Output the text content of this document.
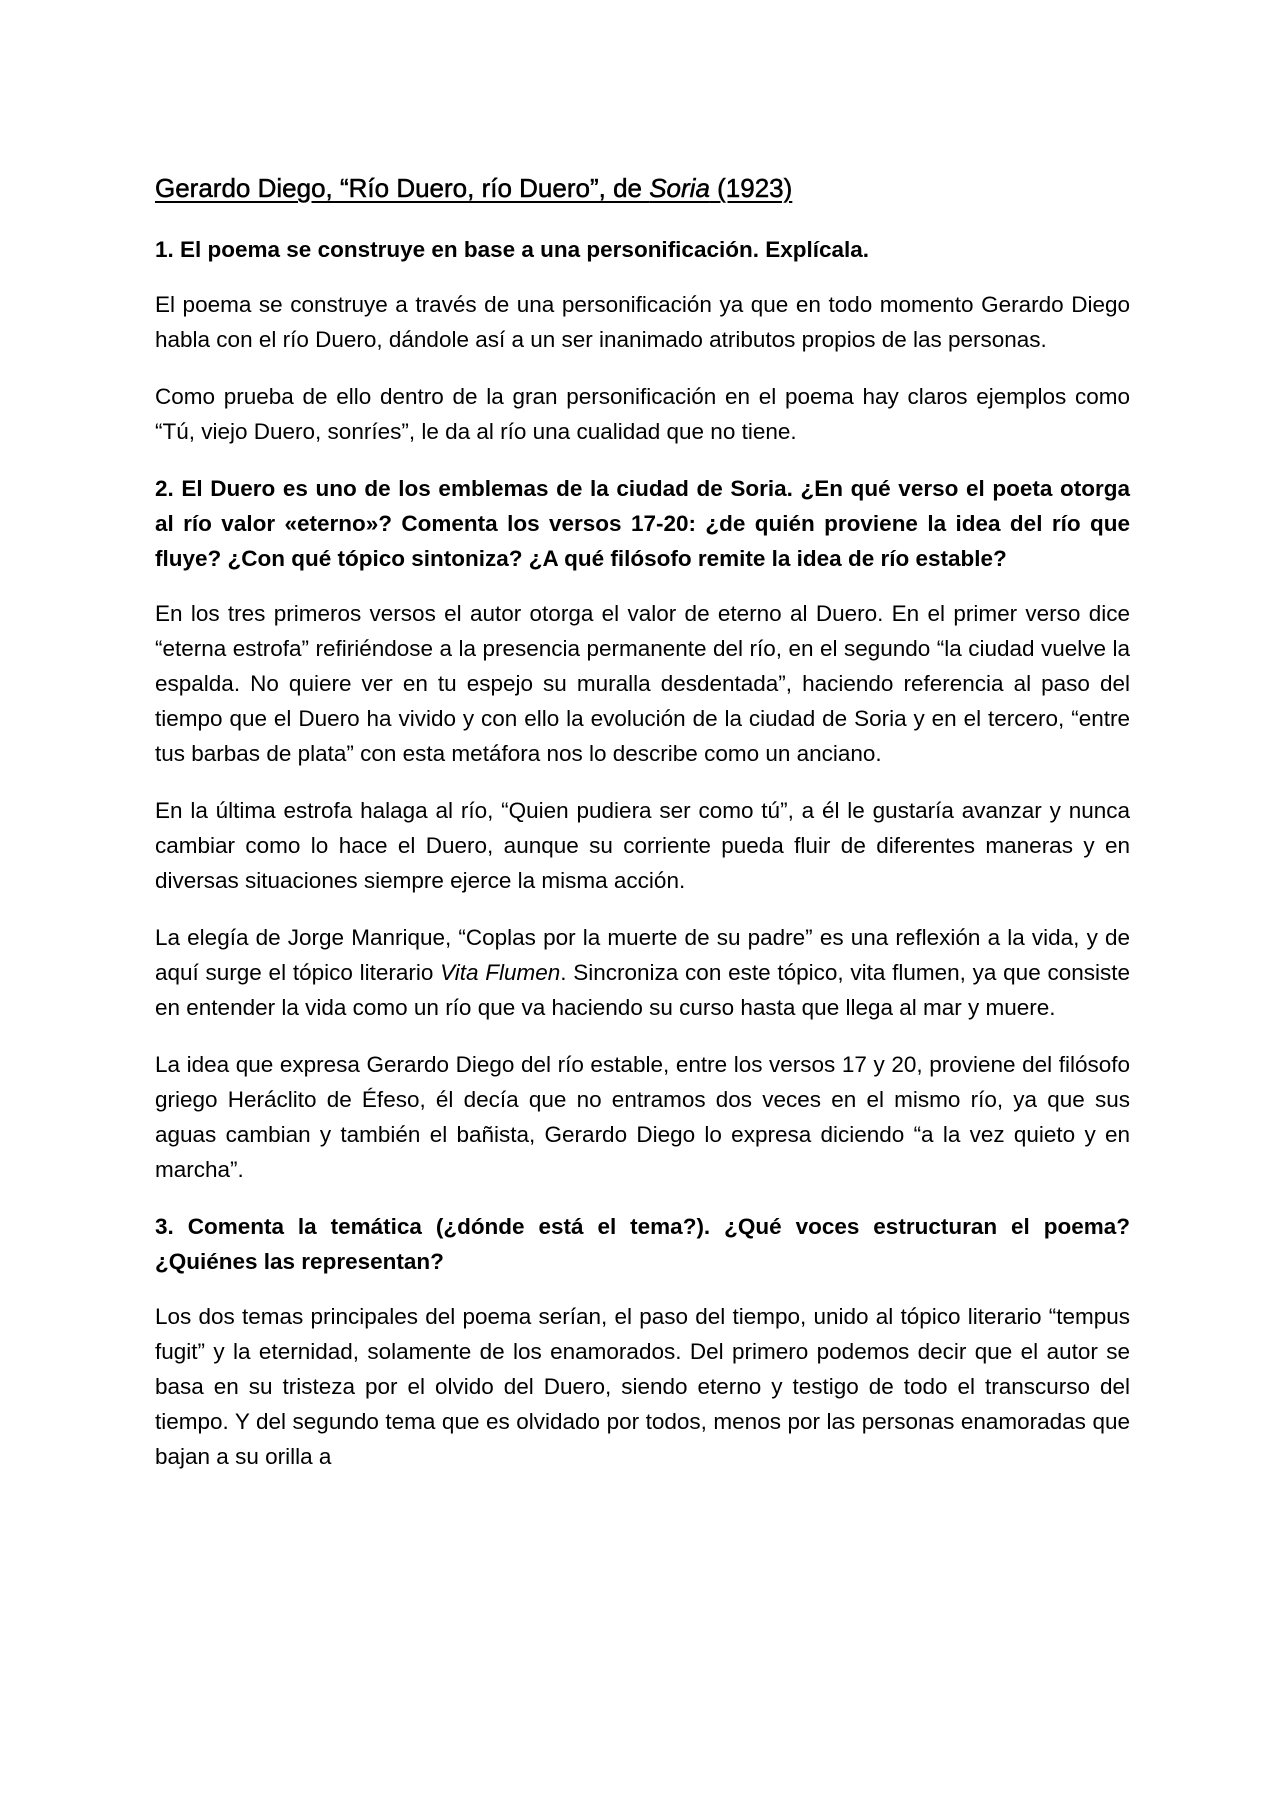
Gerardo Diego, “Río Duero, río Duero”, de Soria (1923)

1. El poema se construye en base a una personificación. Explícala.

El poema se construye a través de una personificación ya que en todo momento Gerardo Diego habla con el río Duero, dándole así a un ser inanimado atributos propios de las personas.

Como prueba de ello dentro de la gran personificación en el poema hay claros ejemplos como “Tú, viejo Duero, sonríes”, le da al río una cualidad que no tiene.

2. El Duero es uno de los emblemas de la ciudad de Soria. ¿En qué verso el poeta otorga al río valor «eterno»? Comenta los versos 17-20: ¿de quién proviene la idea del río que fluye? ¿Con qué tópico sintoniza? ¿A qué filósofo remite la idea de río estable?

En los tres primeros versos el autor otorga el valor de eterno al Duero. En el primer verso dice “eterna estrofa” refiriéndose a la presencia permanente del río, en el segundo “la ciudad vuelve la espalda. No quiere ver en tu espejo su muralla desdentada”, haciendo referencia al paso del tiempo que el Duero ha vivido y con ello la evolución de la ciudad de Soria y en el tercero, “entre tus barbas de plata” con esta metáfora nos lo describe como un anciano.

En la última estrofa halaga al río, “Quien pudiera ser como tú”, a él le gustaría avanzar y nunca cambiar como lo hace el Duero, aunque su corriente pueda fluir de diferentes maneras y en diversas situaciones siempre ejerce la misma acción.

La elegía de Jorge Manrique, “Coplas por la muerte de su padre” es una reflexión a la vida, y de aquí surge el tópico literario Vita Flumen. Sincroniza con este tópico, vita flumen, ya que consiste en entender la vida como un río que va haciendo su curso hasta que llega al mar y muere.

La idea que expresa Gerardo Diego del río estable, entre los versos 17 y 20, proviene del filósofo griego Heráclito de Éfeso, él decía que no entramos dos veces en el mismo río, ya que sus aguas cambian y también el bañista, Gerardo Diego lo expresa diciendo “a la vez quieto y en marcha”.

3. Comenta la temática (¿dónde está el tema?). ¿Qué voces estructuran el poema? ¿Quiénes las representan?

Los dos temas principales del poema serían, el paso del tiempo, unido al tópico literario “tempus fugit” y la eternidad, solamente de los enamorados. Del primero podemos decir que el autor se basa en su tristeza por el olvido del Duero, siendo eterno y testigo de todo el transcurso del tiempo. Y del segundo tema que es olvidado por todos, menos por las personas enamoradas que bajan a su orilla a
